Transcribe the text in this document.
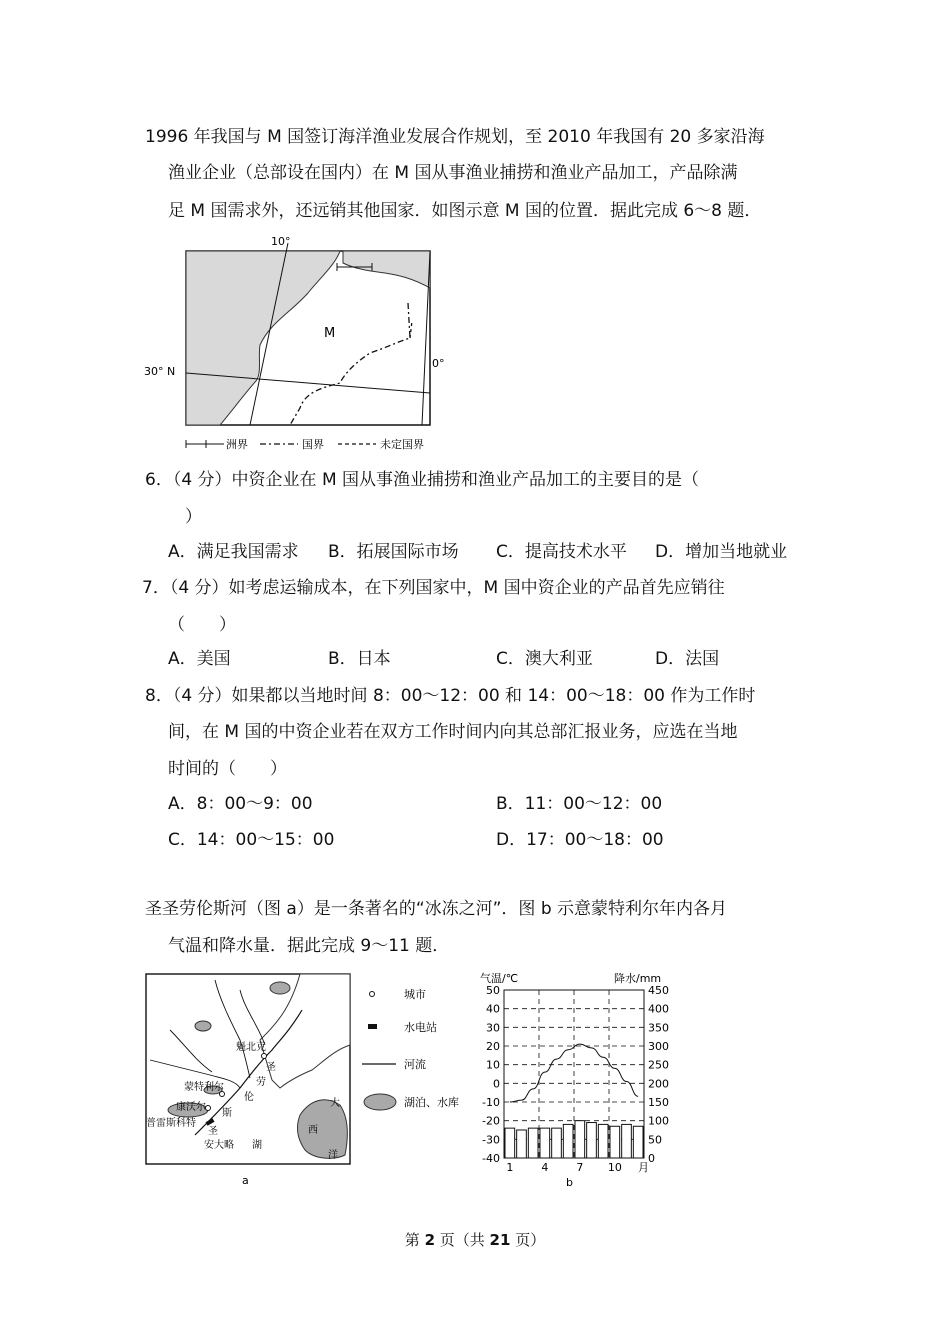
1996 年我国与 M 国签订海洋渔业发展合作规划，至 2010 年我国有 20 多家沿海
渔业企业（总部设在国内）在 M 国从事渔业捕捞和渔业产品加工，产品除满
足 M 国需求外，还远销其他国家．如图示意 M 国的位置．据此完成 6～8 题．
10°
30° N
0°
M
洲界	国界	未定国界
6．（4 分）中资企业在 M 国从事渔业捕捞和渔业产品加工的主要目的是（
）
A．满足我国需求 B．拓展国际市场 C．提高技术水平 D．增加当地就业
7．（4 分）如考虑运输成本，在下列国家中，M 国中资企业的产品首先应销往
（　　）
A．美国	B．日本	C．澳大利亚	D．法国
8．（4 分）如果都以当地时间 8：00～12：00 和 14：00～18：00 作为工作时
间，在 M 国的中资企业若在双方工作时间内向其总部汇报业务，应选在当地
时间的（　　）
A．8：00～9：00	B．11：00～12：00
C．14：00～15：00	D．17：00～18：00
圣圣劳伦斯河（图 a）是一条著名的“冰冻之河”．图 b 示意蒙特利尔年内各月
气温和降水量．据此完成 9～11 题．
魁北克
圣
劳
蒙特利尔
伦
斯
康沃尔
普雷斯科特
圣
安大略 湖
大
西
洋
a
城市
水电站
河流
湖泊、水库
气温/℃	降水/mm
50	450
40	400
30	350
20	300
10	250
0	200
-10	150
-20	100
-30	50
-40	0
1	4	7 10 月
b
第 2 页（共 21 页）
